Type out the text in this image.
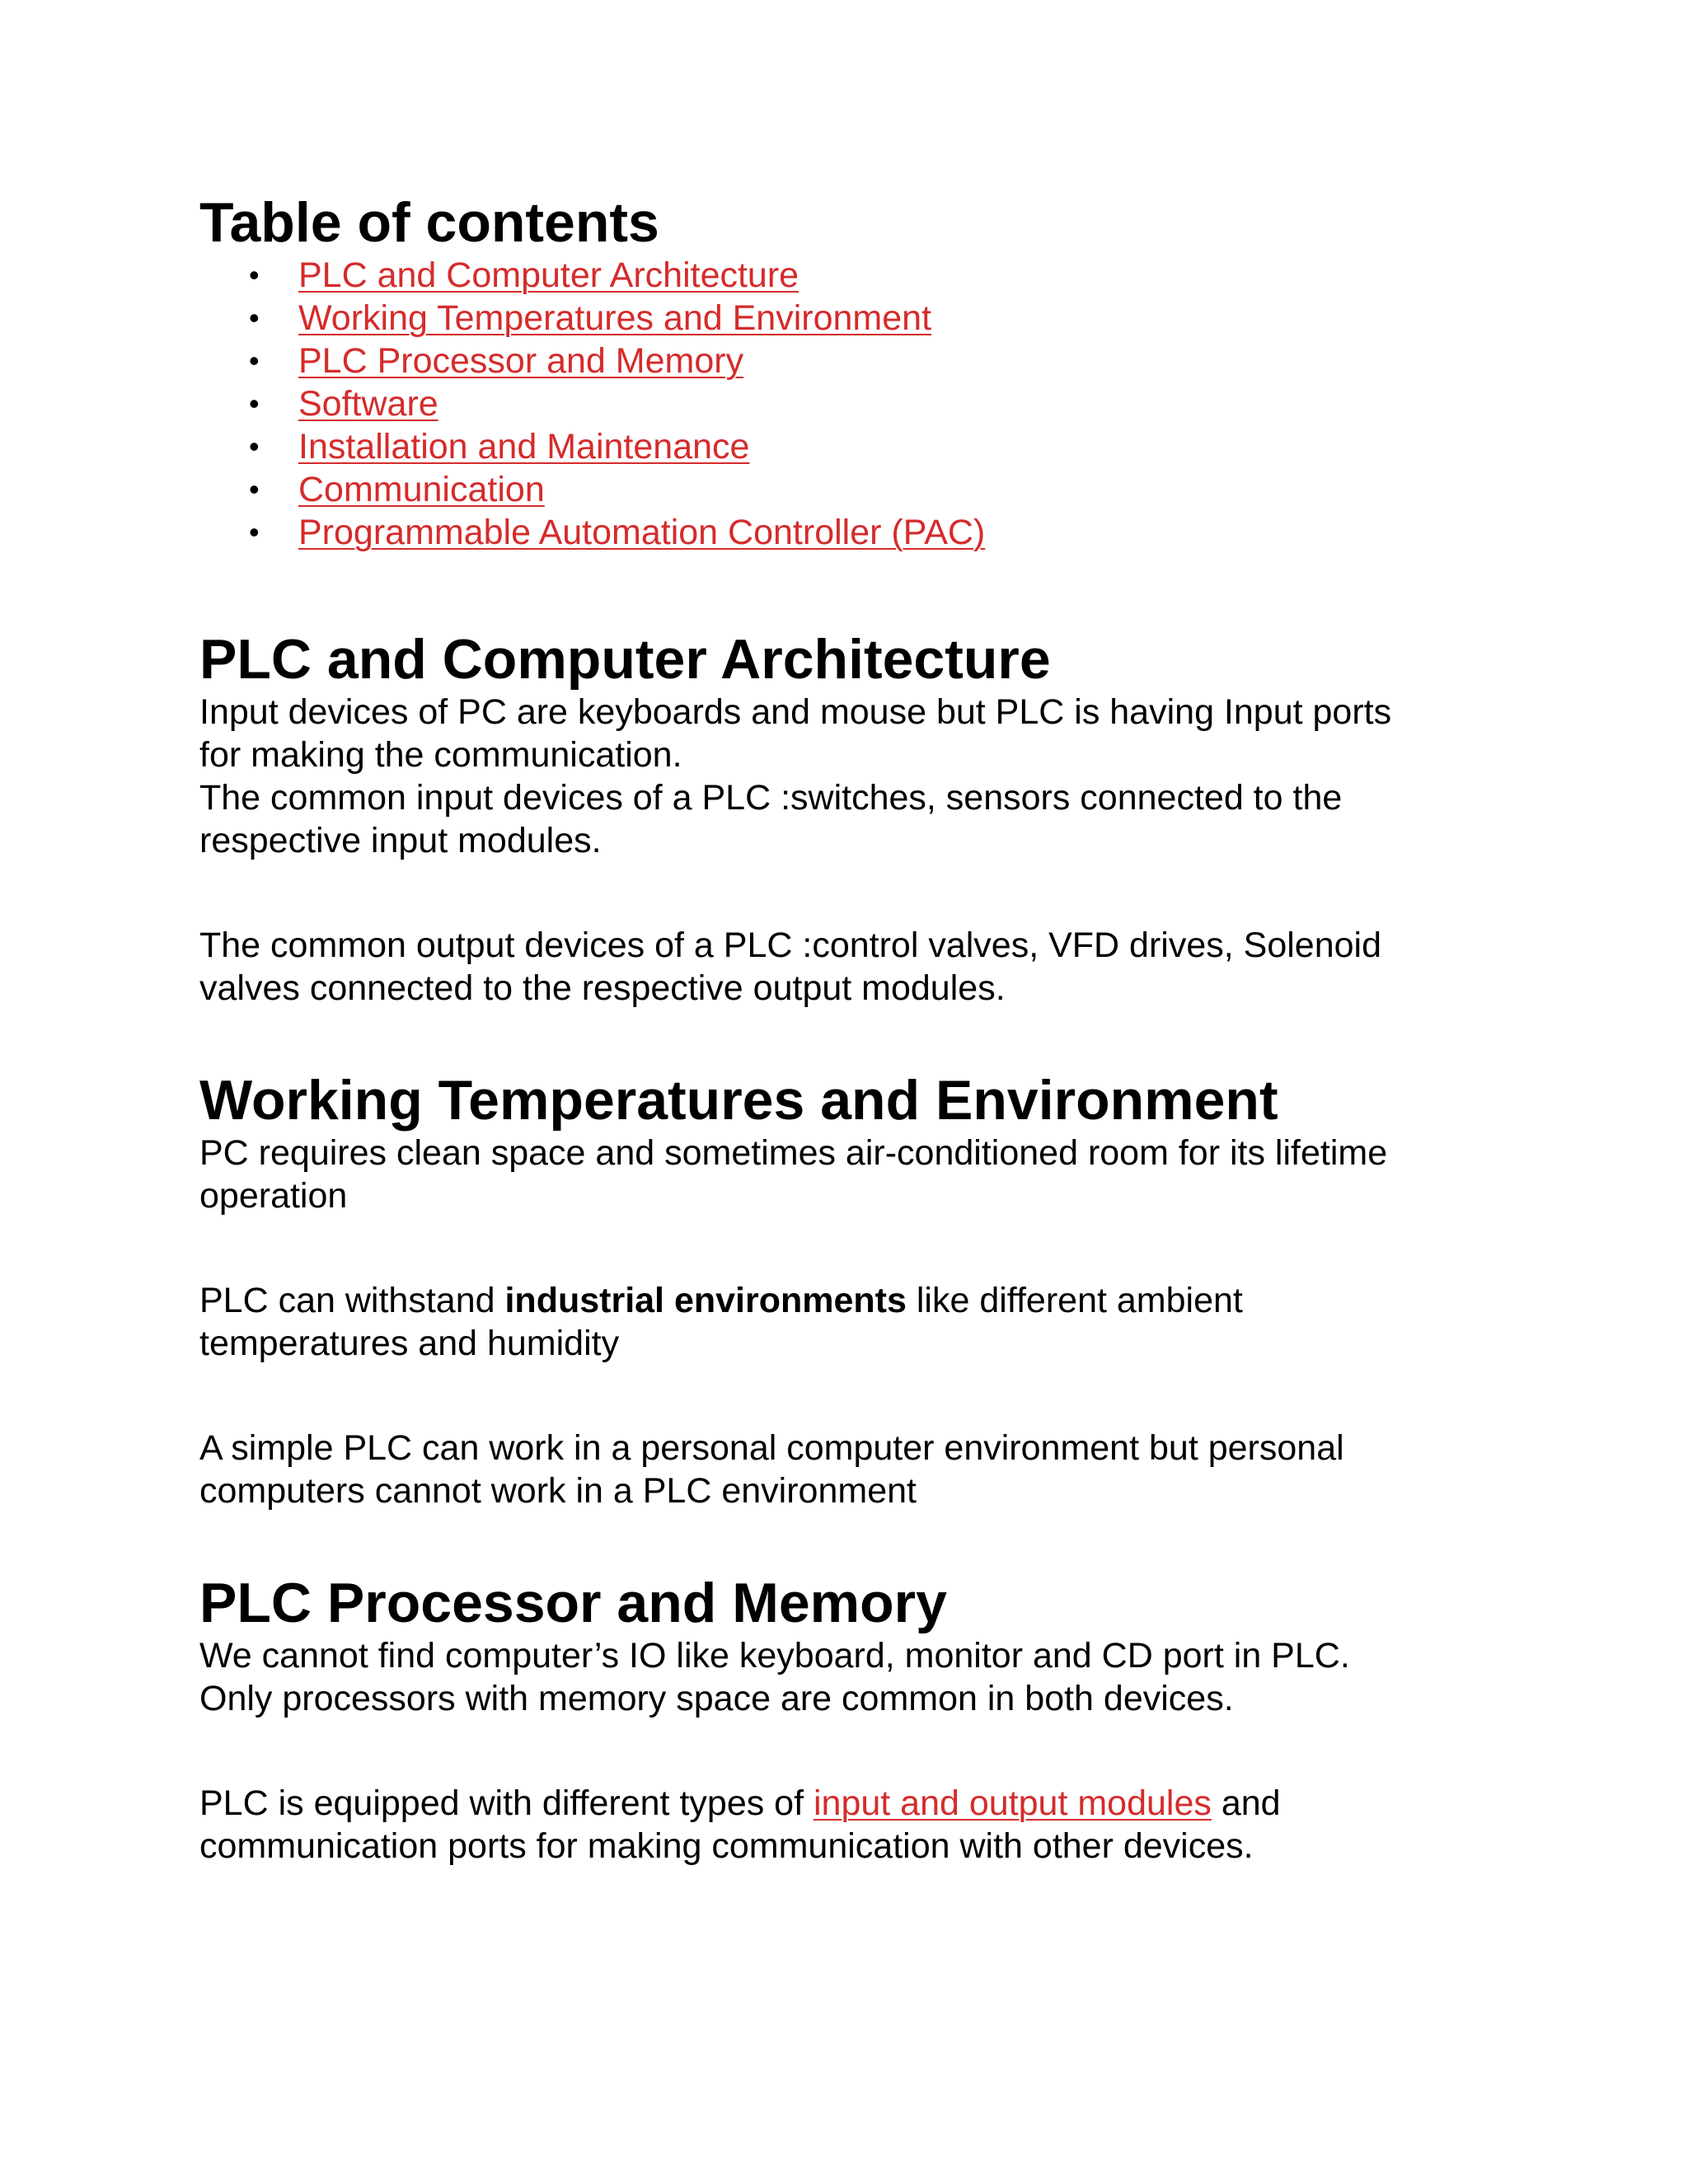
Table of contents
• PLC and Computer Architecture
• Working Temperatures and Environment
• PLC Processor and Memory
• Software
• Installation and Maintenance
• Communication
• Programmable Automation Controller (PAC)
PLC and Computer Architecture

Input devices of PC are keyboards and mouse but PLC is having Input ports
for making the communication.
The common input devices of a PLC :switches, sensors connected to the
respective input modules.

The common output devices of a PLC :control valves, VFD drives, Solenoid
valves connected to the respective output modules.

Working Temperatures and Environment

PC requires clean space and sometimes air-conditioned room for its lifetime
operation

PLC can withstand industrial environments like different ambient
temperatures and humidity

A simple PLC can work in a personal computer environment but personal
computers cannot work in a PLC environment

PLC Processor and Memory

We cannot find computer’s IO like keyboard, monitor and CD port in PLC.
Only processors with memory space are common in both devices.

PLC is equipped with different types of input and output modules and
communication ports for making communication with other devices.
